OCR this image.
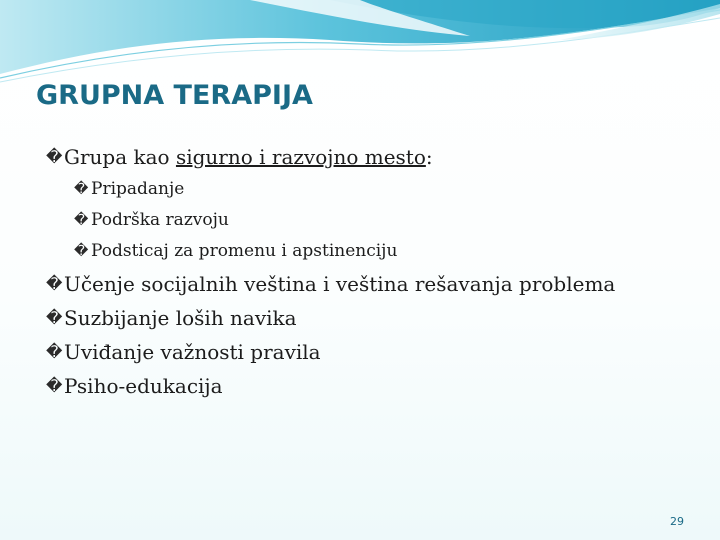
GRUPNA TERAPIJA
� Grupa kao sigurno i razvojno mesto:
� Pripadanje
� Podrška razvoju
� Podsticaj za promenu i apstinenciju
� Učenje socijalnih veština i veština rešavanja problema
� Suzbijanje loših navika
� Uviđanje važnosti pravila
� Psiho-edukacija
29
